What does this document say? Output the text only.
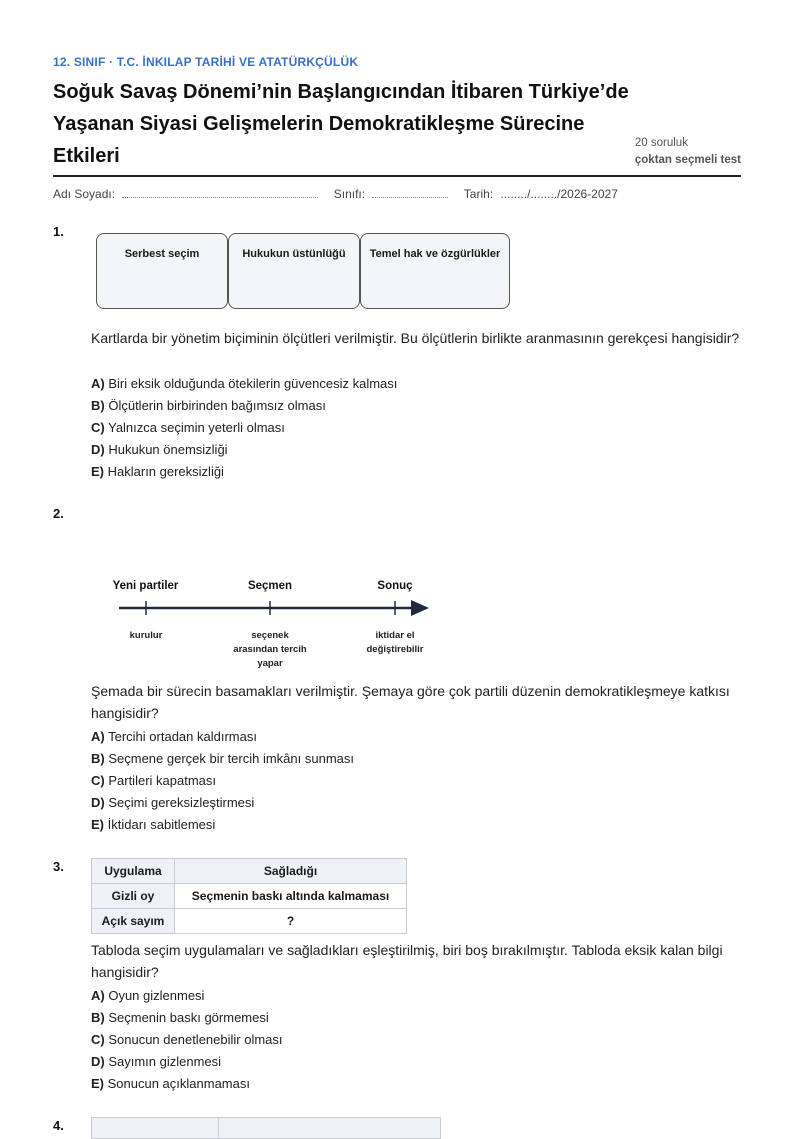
12. SINIF · T.C. İNKILAP TARİHİ VE ATATÜRKÇÜLÜK
Soğuk Savaş Dönemi’nin Başlangıcından İtibaren Türkiye’de Yaşanan Siyasi Gelişmelerin Demokratikleşme Sürecine Etkileri
20 soruluk
çoktan seçmeli test
Adı Soyadı:	Sınıfı:	Tarih: ......../......../2026-2027
1.
Serbest seçim	Hukukun üstünlüğü	Temel hak ve özgürlükler
Kartlarda bir yönetim biçiminin ölçütleri verilmiştir. Bu ölçütlerin birlikte aranmasının gerekçesi hangisidir?
A) Biri eksik olduğunda ötekilerin güvencesiz kalması
B) Ölçütlerin birbirinden bağımsız olması
C) Yalnızca seçimin yeterli olması
D) Hukukun önemsizliği
E) Hakların gereksizliği
2.
Yeni partiler	Seçmen	Sonuç
kurulur	seçenek arasından tercih yapar
iktidar el değiştirebilir
Şemada bir sürecin basamakları verilmiştir. Şemaya göre çok partili düzenin demokratikleşmeye katkısı hangisidir?
A) Tercihi ortadan kaldırması
B) Seçmene gerçek bir tercih imkânı sunması
C) Partileri kapatması
D) Seçimi gereksizleştirmesi
E) İktidarı sabitlemesi
3.	Uygulama	Sağladığı
Gizli oy	Seçmenin baskı altında kalmaması
Açık sayım	?
Tabloda seçim uygulamaları ve sağladıkları eşleştirilmiş, biri boş bırakılmıştır. Tabloda eksik kalan bilgi hangisidir?
A) Oyun gizlenmesi
B) Seçmenin baskı görmemesi
C) Sonucun denetlenebilir olması
D) Sayımın gizlenmesi
E) Sonucun açıklanmaması
4.
